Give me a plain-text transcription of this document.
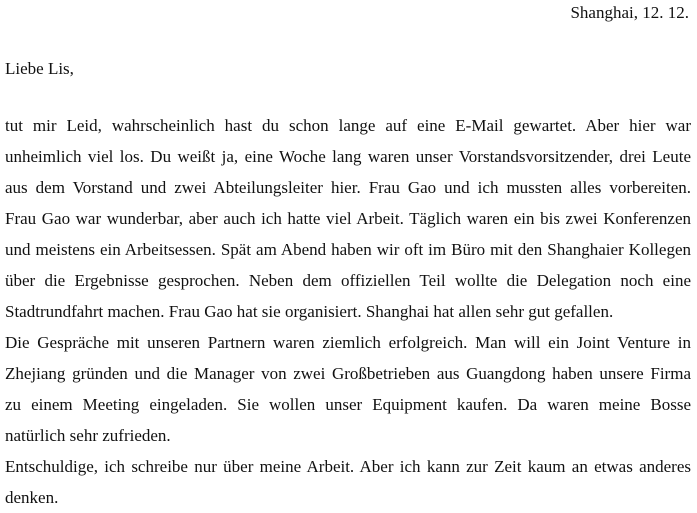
Shanghai, 12. 12.
Liebe Lis,
tut mir Leid, wahrscheinlich hast du schon lange auf eine E-Mail gewartet. Aber hier war
unheimlich viel los. Du weißt ja, eine Woche lang waren unser Vorstandsvorsitzender, drei Leute
aus dem Vorstand und zwei Abteilungsleiter hier. Frau Gao und ich mussten alles vorbereiten.
Frau Gao war wunderbar, aber auch ich hatte viel Arbeit. Täglich waren ein bis zwei Konferenzen
und meistens ein Arbeitsessen. Spät am Abend haben wir oft im Büro mit den Shanghaier Kollegen
über die Ergebnisse gesprochen. Neben dem offiziellen Teil wollte die Delegation noch eine
Stadtrundfahrt machen. Frau Gao hat sie organisiert. Shanghai hat allen sehr gut gefallen.
Die Gespräche mit unseren Partnern waren ziemlich erfolgreich. Man will ein Joint Venture in
Zhejiang gründen und die Manager von zwei Großbetrieben aus Guangdong haben unsere Firma
zu einem Meeting eingeladen. Sie wollen unser Equipment kaufen. Da waren meine Bosse
natürlich sehr zufrieden.
Entschuldige, ich schreibe nur über meine Arbeit. Aber ich kann zur Zeit kaum an etwas anderes
denken.
